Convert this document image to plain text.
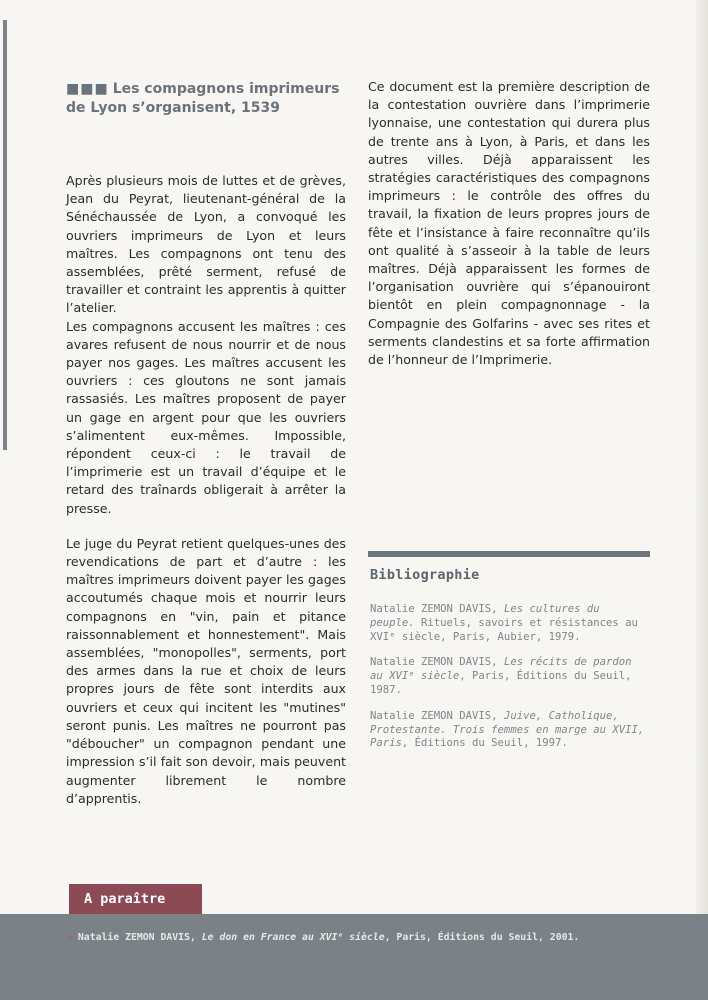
■■■ Les compagnons imprimeurs
de Lyon s’organisent, 1539

Après plusieurs mois de luttes et de grèves, Jean du Peyrat, lieutenant-général de la Sénéchaussée de Lyon, a convoqué les ouvriers imprimeurs de Lyon et leurs maîtres. Les compagnons ont tenu des assemblées, prêté serment, refusé de travailler et contraint les apprentis à quitter l’atelier.

Les compagnons accusent les maîtres : ces avares refusent de nous nourrir et de nous payer nos gages. Les maîtres accusent les ouvriers : ces gloutons ne sont jamais rassasiés. Les maîtres proposent de payer un gage en argent pour que les ouvriers s’alimentent eux-mêmes. Impossible, répondent ceux-ci : le travail de l’imprimerie est un travail d’équipe et le retard des traînards obligerait à arrêter la presse.

Le juge du Peyrat retient quelques-unes des revendications de part et d’autre : les maîtres imprimeurs doivent payer les gages accoutumés chaque mois et nourrir leurs compagnons en "vin, pain et pitance raissonnablement et honnestement". Mais assemblées, "monopolles", serments, port des armes dans la rue et choix de leurs propres jours de fête sont interdits aux ouvriers et ceux qui incitent les "mutines" seront punis. Les maîtres ne pourront pas "déboucher" un compagnon pendant une impression s’il fait son devoir, mais peuvent augmenter librement le nombre d’apprentis.

Ce document est la première description de la contestation ouvrière dans l’imprimerie lyonnaise, une contestation qui durera plus de trente ans à Lyon, à Paris, et dans les autres villes. Déjà apparaissent les stratégies caractéristiques des compagnons imprimeurs : le contrôle des offres du travail, la fixation de leurs propres jours de fête et l’insistance à faire reconnaître qu’ils ont qualité à s’asseoir à la table de leurs maîtres. Déjà apparaissent les formes de l’organisation ouvrière qui s’épanouiront bientôt en plein compagnonnage - la Compagnie des Golfarins - avec ses rites et serments clandestins et sa forte affirmation de l’honneur de l’Imprimerie.

Bibliographie

Natalie ZEMON DAVIS, Les cultures du peuple. Rituels, savoirs et résistances au XVIᵉ siècle, Paris, Aubier, 1979.

Natalie ZEMON DAVIS, Les récits de pardon au XVIᵉ siècle, Paris, Éditions du Seuil, 1987.

Natalie ZEMON DAVIS, Juive, Catholique, Protestante. Trois femmes en marge au XVII, Paris, Éditions du Seuil, 1997.

A paraître
→ Natalie ZEMON DAVIS, Le don en France au XVIᵉ siècle, Paris, Éditions du Seuil, 2001.
